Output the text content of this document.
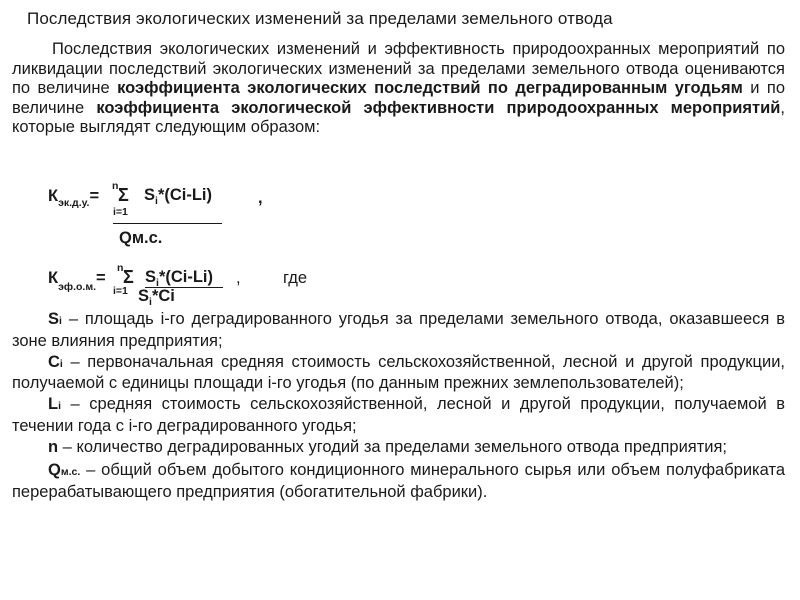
Последствия экологических изменений за пределами земельного отвода

Последствия экологических изменений и эффективность природоохранных мероприятий по ликвидации последствий экологических изменений за пределами земельного отвода оцениваются по величине коэффициента экологических последствий по деградированным угодьям и по величине коэффициента экологической эффективности природоохранных мероприятий, которые выглядят следующим образом:

$К_{эк.д.у.}=$
n Σ
i=1
$S_i*(Ci-Li)$	,
Qм.с.
$К_{эф.о.м.}=$
n Σ
i=1
$S_i*(Ci-Li)$ ,	где
$S_i*Ci$

Si – площадь i-го деградированного угодья за пределами земельного отвода, оказавшееся в зоне влияния предприятия;

Ci – первоначальная средняя стоимость сельскохозяйственной, лесной и другой продукции, получаемой с единицы площади i-го угодья (по данным прежних землепользователей);

Li – средняя стоимость сельскохозяйственной, лесной и другой продукции, получаемой в течении года с i-го деградированного угодья;

n – количество деградированных угодий за пределами земельного отвода предприятия;

Qм.с. – общий объем добытого кондиционного минерального сырья или объем полуфабриката перерабатывающего предприятия (обогатительной фабрики).
